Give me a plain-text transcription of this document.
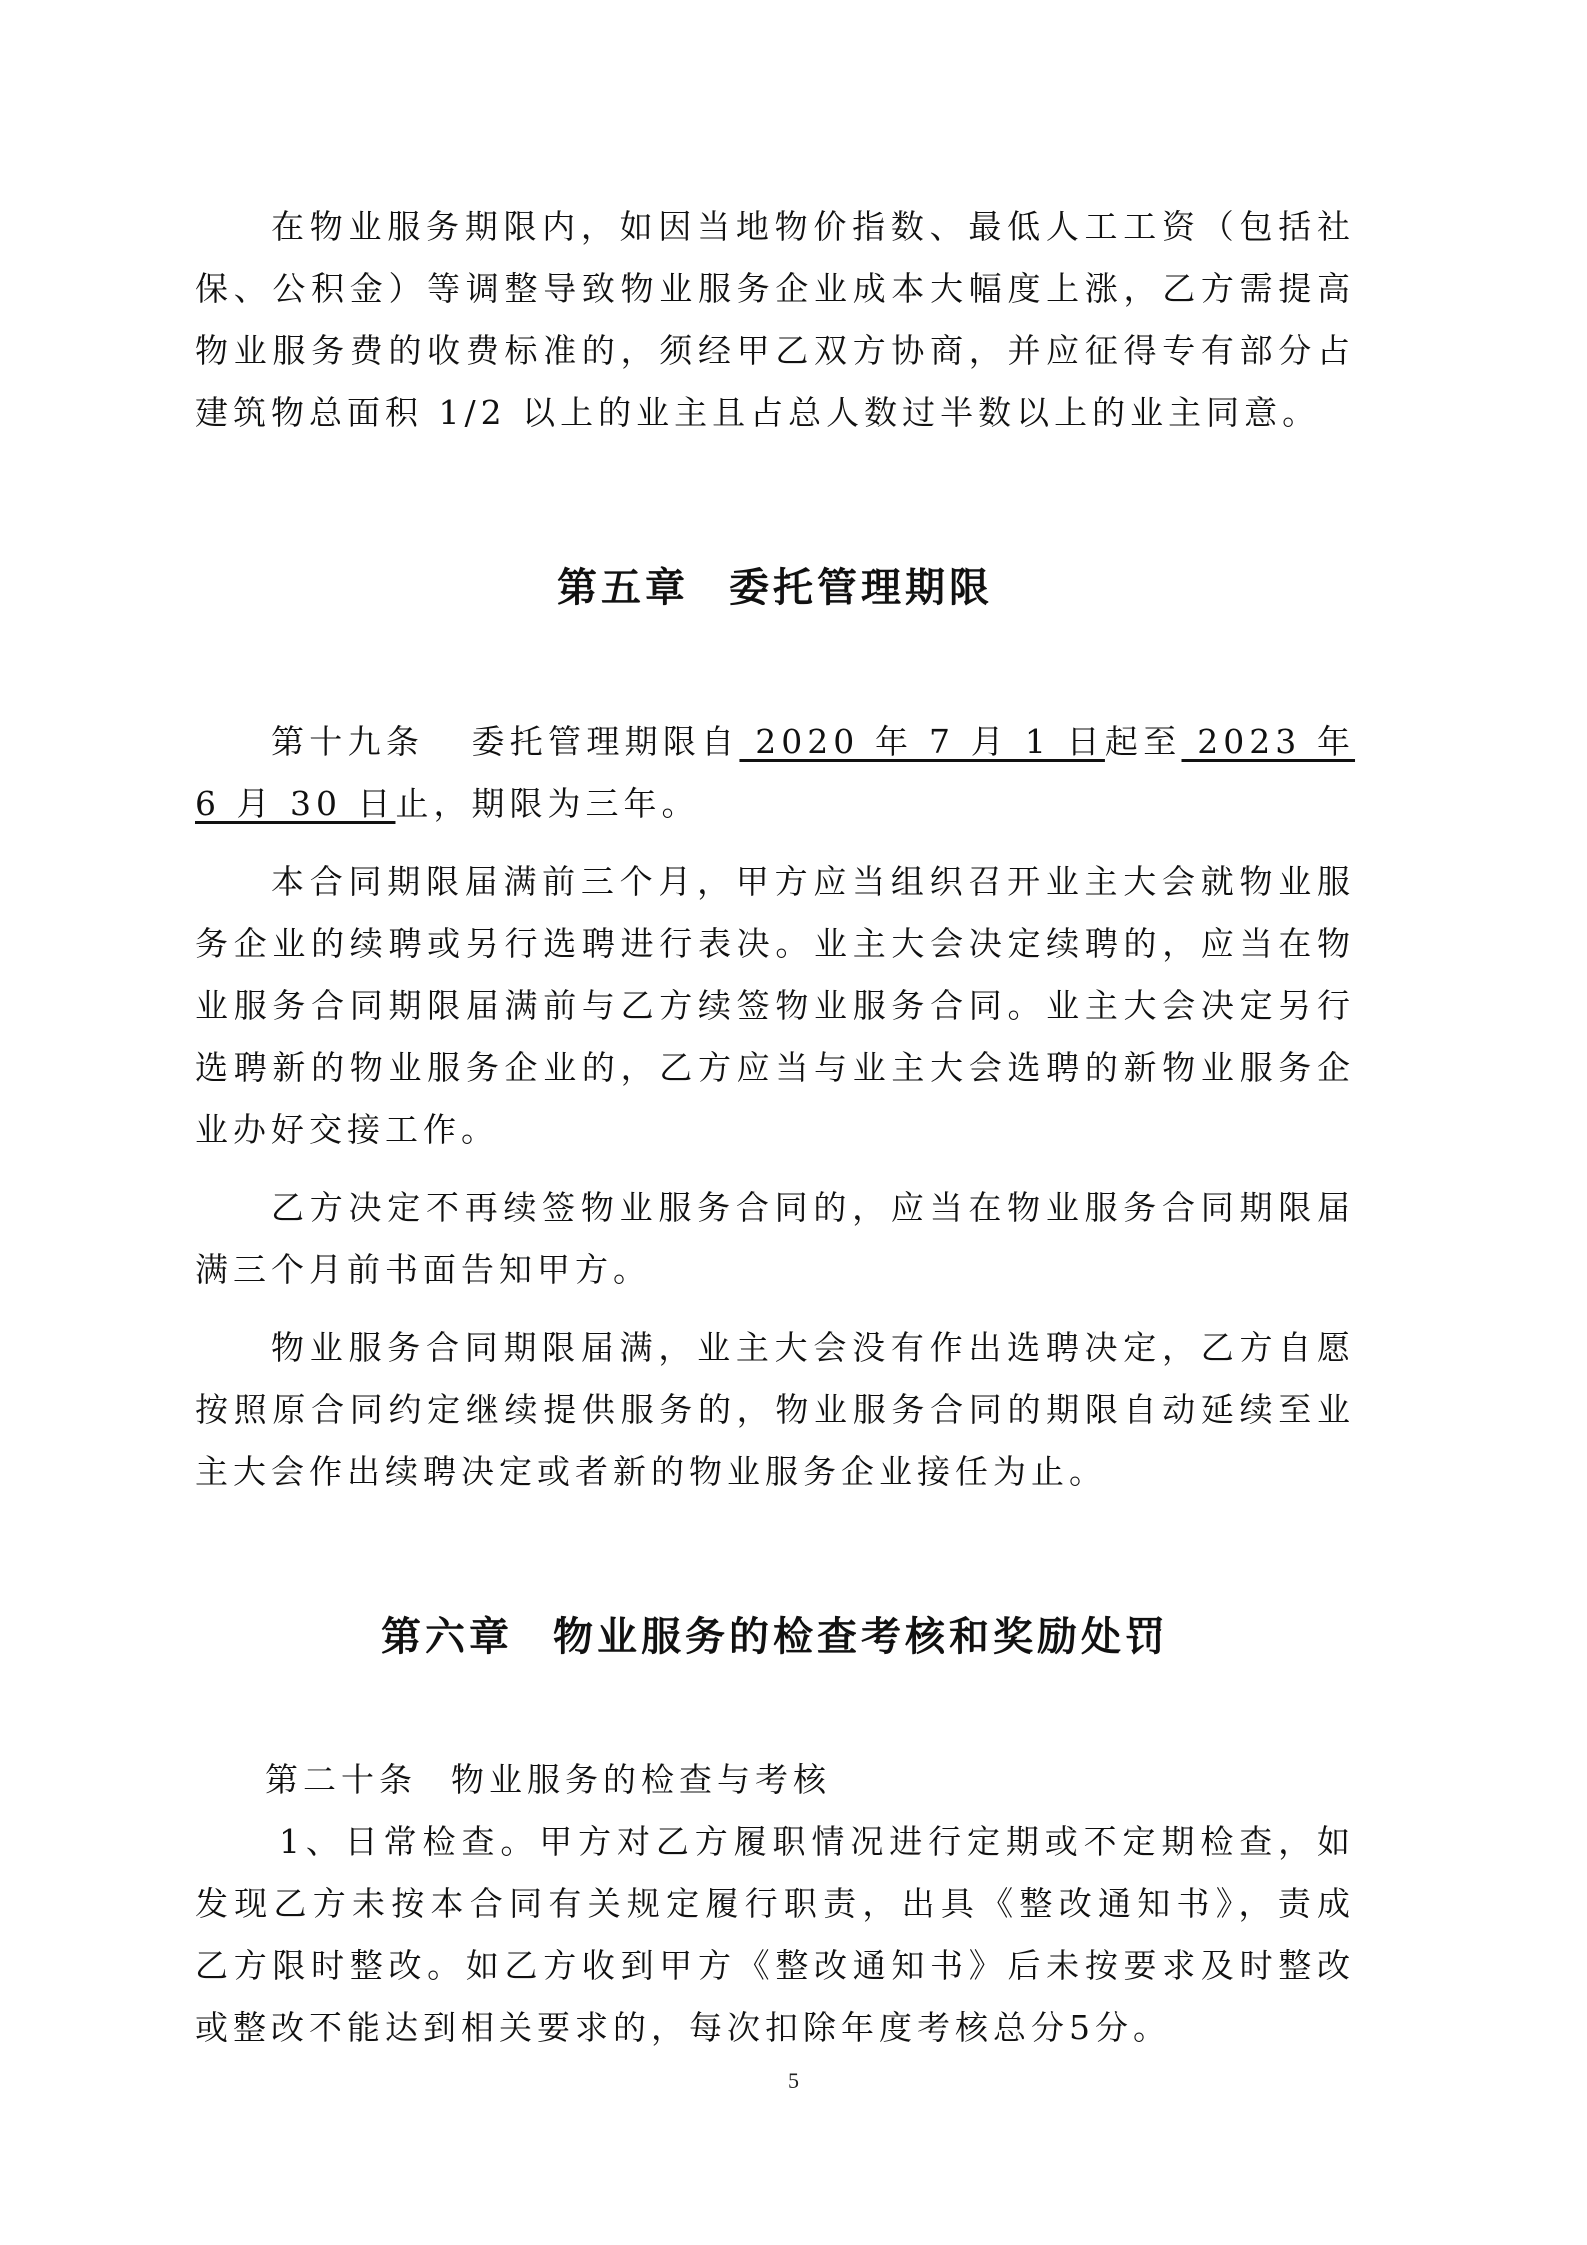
在物业服务期限内，如因当地物价指数、最低人工工资（包括社保、公积金）等调整导致物业服务企业成本大幅度上涨，乙方需提高物业服务费的收费标准的，须经甲乙双方协商，并应征得专有部分占建筑物总面积 1/2 以上的业主且占总人数过半数以上的业主同意。

第五章 委托管理期限

第十九条 委托管理期限自 2020 年 7 月 1 日起至 2023 年 6 月 30 日止，期限为三年。

本合同期限届满前三个月，甲方应当组织召开业主大会就物业服务企业的续聘或另行选聘进行表决。业主大会决定续聘的，应当在物业服务合同期限届满前与乙方续签物业服务合同。业主大会决定另行选聘新的物业服务企业的，乙方应当与业主大会选聘的新物业服务企业办好交接工作。

乙方决定不再续签物业服务合同的，应当在物业服务合同期限届满三个月前书面告知甲方。

物业服务合同期限届满，业主大会没有作出选聘决定，乙方自愿按照原合同约定继续提供服务的，物业服务合同的期限自动延续至业主大会作出续聘决定或者新的物业服务企业接任为止。

第六章 物业服务的检查考核和奖励处罚

第二十条 物业服务的检查与考核

1、日常检查。甲方对乙方履职情况进行定期或不定期检查，如发现乙方未按本合同有关规定履行职责，出具《整改通知书》，责成乙方限时整改。如乙方收到甲方《整改通知书》后未按要求及时整改或整改不能达到相关要求的，每次扣除年度考核总分5分。

5
